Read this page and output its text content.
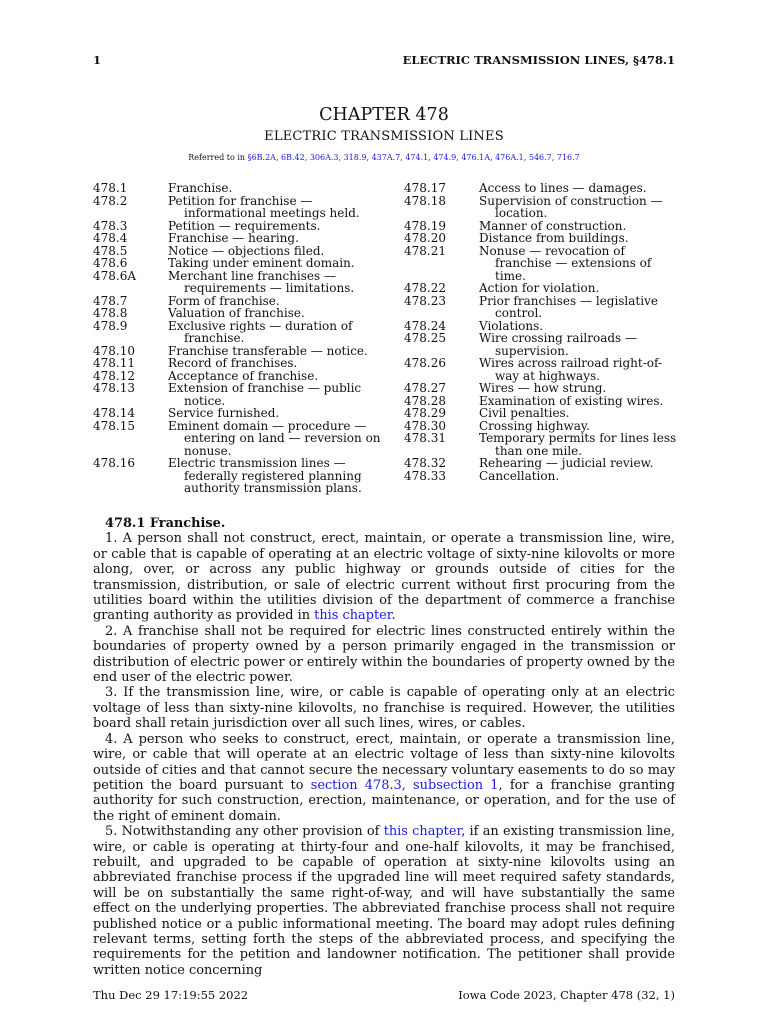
1	ELECTRIC TRANSMISSION LINES, §478.1
CHAPTER 478
ELECTRIC TRANSMISSION LINES
Referred to in §6B.2A, 6B.42, 306A.3, 318.9, 437A.7, 474.1, 474.9, 476.1A, 476A.1, 546.7, 716.7
478.1	Franchise.
478.2	Petition for franchise — informational meetings held.
478.3	Petition — requirements.
478.4	Franchise — hearing.
478.5	Notice — objections filed.
478.6	Taking under eminent domain.
478.6A	Merchant line franchises — requirements — limitations.
478.7	Form of franchise.
478.8	Valuation of franchise.
478.9	Exclusive rights — duration of franchise.
478.10	Franchise transferable — notice.
478.11	Record of franchises.
478.12	Acceptance of franchise.
478.13	Extension of franchise — public notice.
478.14	Service furnished.
478.15	Eminent domain — procedure — entering on land — reversion on nonuse.
478.16	Electric transmission lines — federally registered planning authority transmission plans.
478.17	Access to lines — damages.
478.18	Supervision of construction — location.
478.19	Manner of construction.
478.20	Distance from buildings.
478.21	Nonuse — revocation of franchise — extensions of time.
478.22	Action for violation.
478.23	Prior franchises — legislative control.
478.24	Violations.
478.25	Wire crossing railroads — supervision.
478.26	Wires across railroad right-of-way at highways.
478.27	Wires — how strung.
478.28	Examination of existing wires.
478.29	Civil penalties.
478.30	Crossing highway.
478.31	Temporary permits for lines less than one mile.
478.32	Rehearing — judicial review.
478.33	Cancellation.
478.1 Franchise.

1. A person shall not construct, erect, maintain, or operate a transmission line, wire, or cable that is capable of operating at an electric voltage of sixty-nine kilovolts or more along, over, or across any public highway or grounds outside of cities for the transmission, distribution, or sale of electric current without first procuring from the utilities board within the utilities division of the department of commerce a franchise granting authority as provided in this chapter.

2. A franchise shall not be required for electric lines constructed entirely within the boundaries of property owned by a person primarily engaged in the transmission or distribution of electric power or entirely within the boundaries of property owned by the end user of the electric power.

3. If the transmission line, wire, or cable is capable of operating only at an electric voltage of less than sixty-nine kilovolts, no franchise is required. However, the utilities board shall retain jurisdiction over all such lines, wires, or cables.

4. A person who seeks to construct, erect, maintain, or operate a transmission line, wire, or cable that will operate at an electric voltage of less than sixty-nine kilovolts outside of cities and that cannot secure the necessary voluntary easements to do so may petition the board pursuant to section 478.3, subsection 1, for a franchise granting authority for such construction, erection, maintenance, or operation, and for the use of the right of eminent domain.

5. Notwithstanding any other provision of this chapter, if an existing transmission line, wire, or cable is operating at thirty-four and one-half kilovolts, it may be franchised, rebuilt, and upgraded to be capable of operation at sixty-nine kilovolts using an abbreviated franchise process if the upgraded line will meet required safety standards, will be on substantially the same right-of-way, and will have substantially the same effect on the underlying properties. The abbreviated franchise process shall not require published notice or a public informational meeting. The board may adopt rules defining relevant terms, setting forth the steps of the abbreviated process, and specifying the requirements for the petition and landowner notification. The petitioner shall provide written notice concerning

Thu Dec 29 17:19:55 2022	Iowa Code 2023, Chapter 478 (32, 1)
